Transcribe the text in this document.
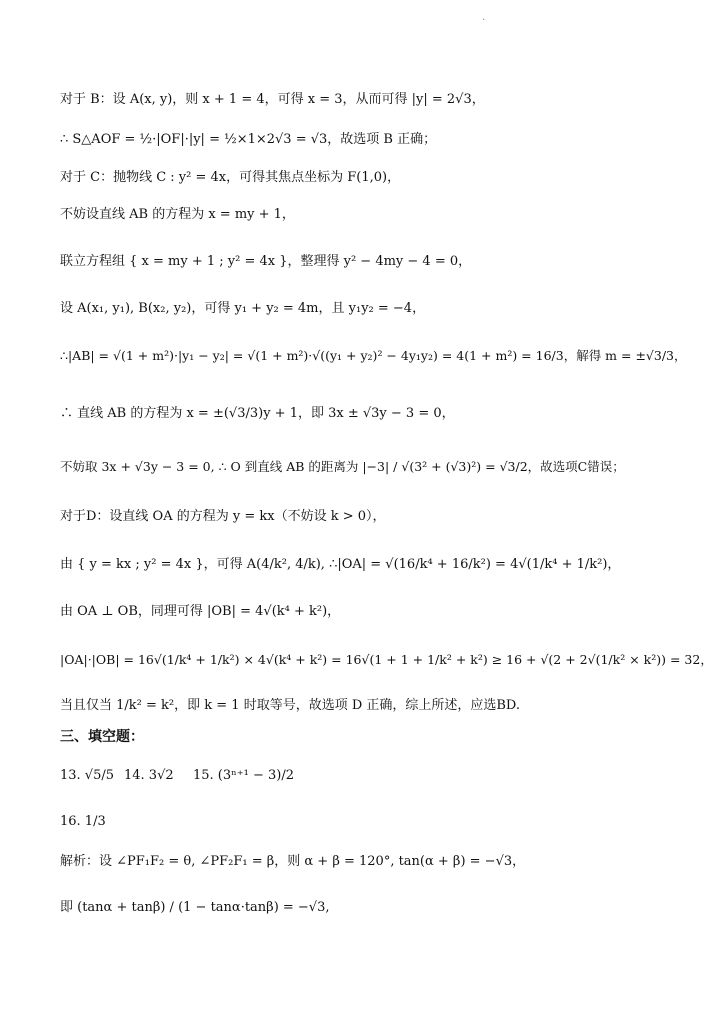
.
对于 B：设 A(x, y)，则 x + 1 = 4，可得 x = 3，从而可得 |y| = 2√3，
∴ S△AOF = ½·|OF|·|y| = ½×1×2√3 = √3，故选项 B 正确；
对于 C：抛物线 C : y² = 4x，可得其焦点坐标为 F(1,0)，
不妨设直线 AB 的方程为 x = my + 1，
联立方程组 { x = my + 1 ; y² = 4x }，整理得 y² − 4my − 4 = 0，
设 A(x₁, y₁), B(x₂, y₂)，可得 y₁ + y₂ = 4m，且 y₁y₂ = −4，
∴|AB| = √(1 + m²)·|y₁ − y₂| = √(1 + m²)·√((y₁ + y₂)² − 4y₁y₂) = 4(1 + m²) = 16/3，解得 m = ±√3/3，
∴ 直线 AB 的方程为 x = ±(√3/3)y + 1，即 3x ± √3y − 3 = 0，
不妨取 3x + √3y − 3 = 0, ∴ O 到直线 AB 的距离为 |−3| / √(3² + (√3)²) = √3/2，故选项C错误；
对于D：设直线 OA 的方程为 y = kx（不妨设 k > 0），
由 { y = kx ; y² = 4x }，可得 A(4/k², 4/k), ∴|OA| = √(16/k⁴ + 16/k²) = 4√(1/k⁴ + 1/k²)，
由 OA ⊥ OB，同理可得 |OB| = 4√(k⁴ + k²)，
|OA|·|OB| = 16√(1/k⁴ + 1/k²) × 4√(k⁴ + k²) = 16√(1 + 1 + 1/k² + k²) ≥ 16 + √(2 + 2√(1/k² × k²)) = 32，
当且仅当 1/k² = k²，即 k = 1 时取等号，故选项 D 正确，综上所述，应选BD.
三、填空题：
13. √5/5 14. 3√2 15. (3ⁿ⁺¹ − 3)/2
16. 1/3
解析：设 ∠PF₁F₂ = θ, ∠PF₂F₁ = β，则 α + β = 120°, tan(α + β) = −√3，
即 (tanα + tanβ) / (1 − tanα·tanβ) = −√3,
